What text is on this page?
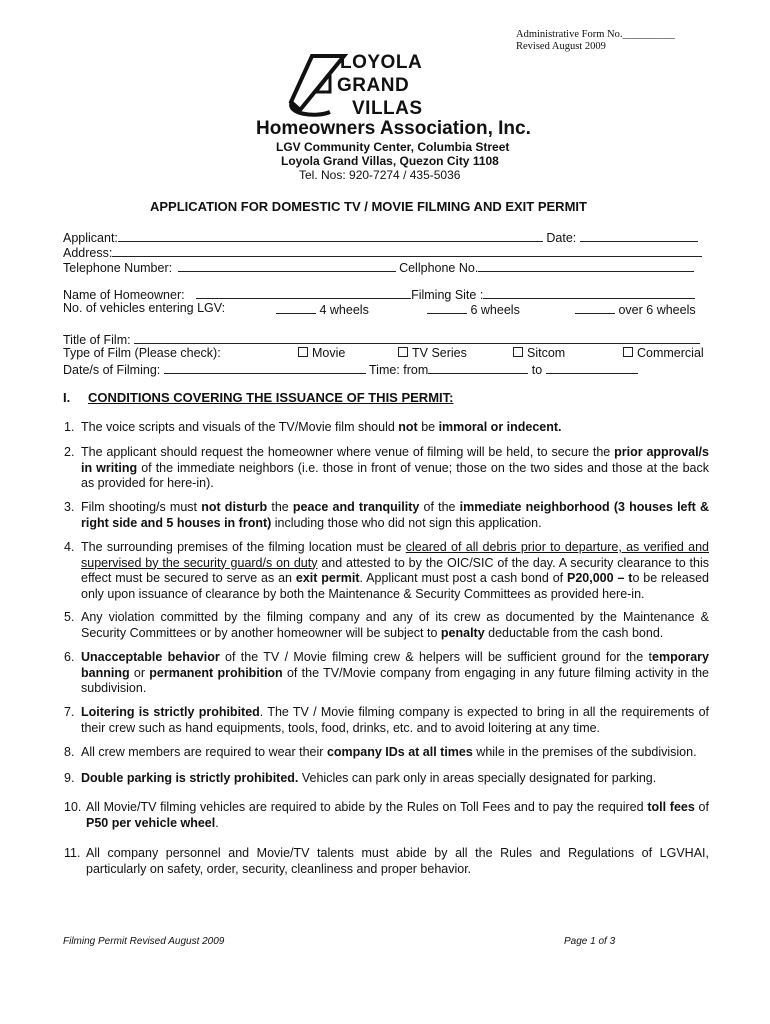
Administrative Form No.__________
Revised August 2009
LOYOLA
GRAND
VILLAS
Homeowners Association, Inc.
LGV Community Center, Columbia Street
Loyola Grand Villas, Quezon City 1108
Tel. Nos: 920-7274 / 435-5036
APPLICATION FOR DOMESTIC TV / MOVIE FILMING AND EXIT PERMIT
Applicant:	Date:
Address:
Telephone Number:	Cellphone No.
Name of Homeowner:	Filming Site :
No. of vehicles entering LGV:	4 wheels	6 wheels	over 6 wheels
Title of Film:
Type of Film (Please check):	Movie	TV Series	Sitcom	Commercial
Date/s of Filming:	Time: from	to
I. CONDITIONS COVERING THE ISSUANCE OF THIS PERMIT:
1. The voice scripts and visuals of the TV/Movie film should not be immoral or indecent.
2. The applicant should request the homeowner where venue of filming will be held, to secure the prior approval/s in writing of the immediate neighbors (i.e. those in front of venue; those on the two sides and those at the back as provided for here-in).
3. Film shooting/s must not disturb the peace and tranquility of the immediate neighborhood (3 houses left & right side and 5 houses in front) including those who did not sign this application.
4. The surrounding premises of the filming location must be cleared of all debris prior to departure, as verified and supervised by the security guard/s on duty and attested to by the OIC/SIC of the day. A security clearance to this effect must be secured to serve as an exit permit. Applicant must post a cash bond of P20,000 – to be released only upon issuance of clearance by both the Maintenance & Security Committees as provided here-in.
5. Any violation committed by the filming company and any of its crew as documented by the Maintenance & Security Committees or by another homeowner will be subject to penalty deductable from the cash bond.
6. Unacceptable behavior of the TV / Movie filming crew & helpers will be sufficient ground for the temporary banning or permanent prohibition of the TV/Movie company from engaging in any future filming activity in the subdivision.
7. Loitering is strictly prohibited. The TV / Movie filming company is expected to bring in all the requirements of their crew such as hand equipments, tools, food, drinks, etc. and to avoid loitering at any time.
8. All crew members are required to wear their company IDs at all times while in the premises of the subdivision.
9. Double parking is strictly prohibited. Vehicles can park only in areas specially designated for parking.
10. All Movie/TV filming vehicles are required to abide by the Rules on Toll Fees and to pay the required toll fees of P50 per vehicle wheel.
11. All company personnel and Movie/TV talents must abide by all the Rules and Regulations of LGVHAI, particularly on safety, order, security, cleanliness and proper behavior.
Filming Permit Revised August 2009	Page 1 of 3
